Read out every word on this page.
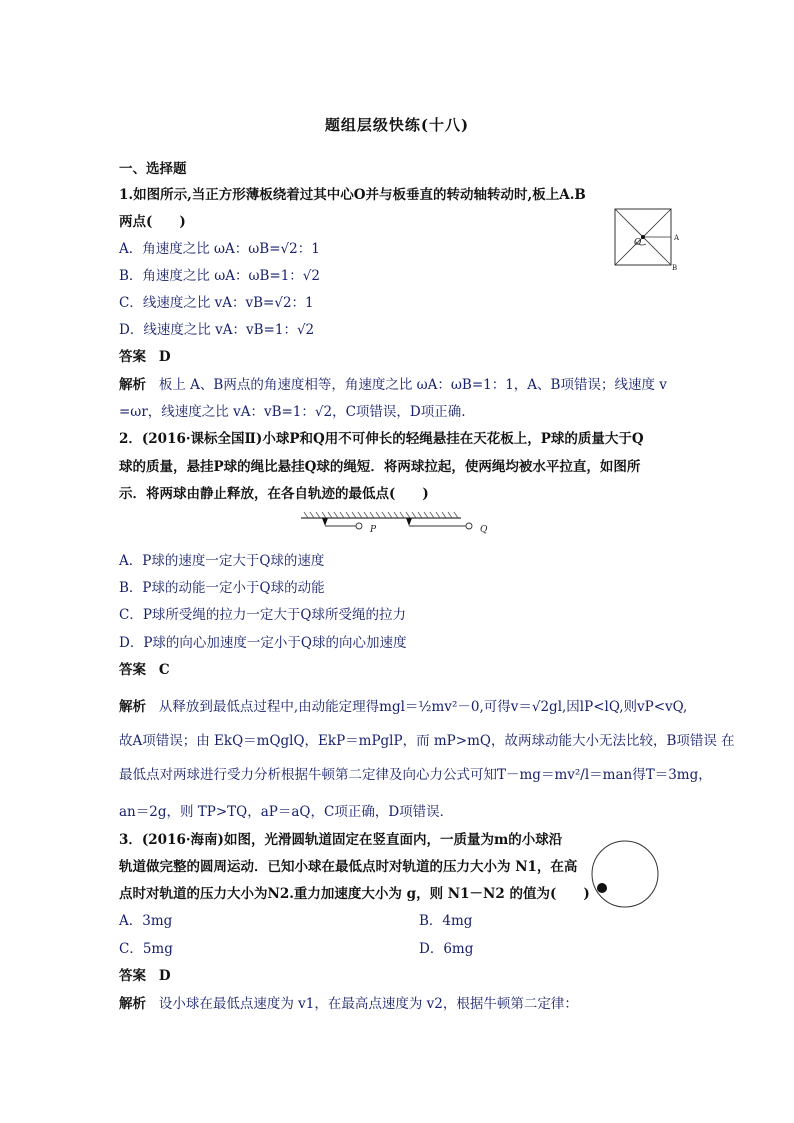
题组层级快练(十八)
一、选择题
1.如图所示,当正方形薄板绕着过其中心O并与板垂直的转动轴转动时,板上A.B
两点(　　)
A．角速度之比 ωA：ωB=√2：1
B．角速度之比 ωA：ωB=1：√2
C．线速度之比 vA：vB=√2：1
D．线速度之比 vA：vB=1：√2
答案 D
解析 板上 A、B两点的角速度相等，角速度之比 ωA：ωB=1：1，A、B项错误；线速度 v
=ωr，线速度之比 vA：vB=1：√2，C项错误，D项正确.
O	A
B
2．(2016·课标全国Ⅱ)小球P和Q用不可伸长的轻绳悬挂在天花板上，P球的质量大于Q
球的质量，悬挂P球的绳比悬挂Q球的绳短．将两球拉起，使两绳均被水平拉直，如图所
示．将两球由静止释放，在各自轨迹的最低点(　　)
P	Q
A．P球的速度一定大于Q球的速度
B．P球的动能一定小于Q球的动能
C．P球所受绳的拉力一定大于Q球所受绳的拉力
D．P球的向心加速度一定小于Q球的向心加速度
答案 C
解析 从释放到最低点过程中,由动能定理得mgl＝½mv²－0,可得v＝√2gl,因lP<lQ,则vP<vQ,
故A项错误；由 EkQ＝mQglQ，EkP＝mPglP，而 mP>mQ，故两球动能大小无法比较，B项错误 在
最低点对两球进行受力分析根据牛顿第二定律及向心力公式可知T－mg＝mv²/l＝man得T＝3mg，
an＝2g，则 TP>TQ，aP＝aQ，C项正确，D项错误．
3．(2016·海南)如图，光滑圆轨道固定在竖直面内，一质量为m的小球沿
轨道做完整的圆周运动．已知小球在最低点时对轨道的压力大小为 N1，在高
点时对轨道的压力大小为N2.重力加速度大小为 g，则 N1－N2 的值为(　　)
A．3mg	B．4mg
C．5mg	D．6mg
答案 D
解析 设小球在最低点速度为 v1，在最高点速度为 v2，根据牛顿第二定律：
